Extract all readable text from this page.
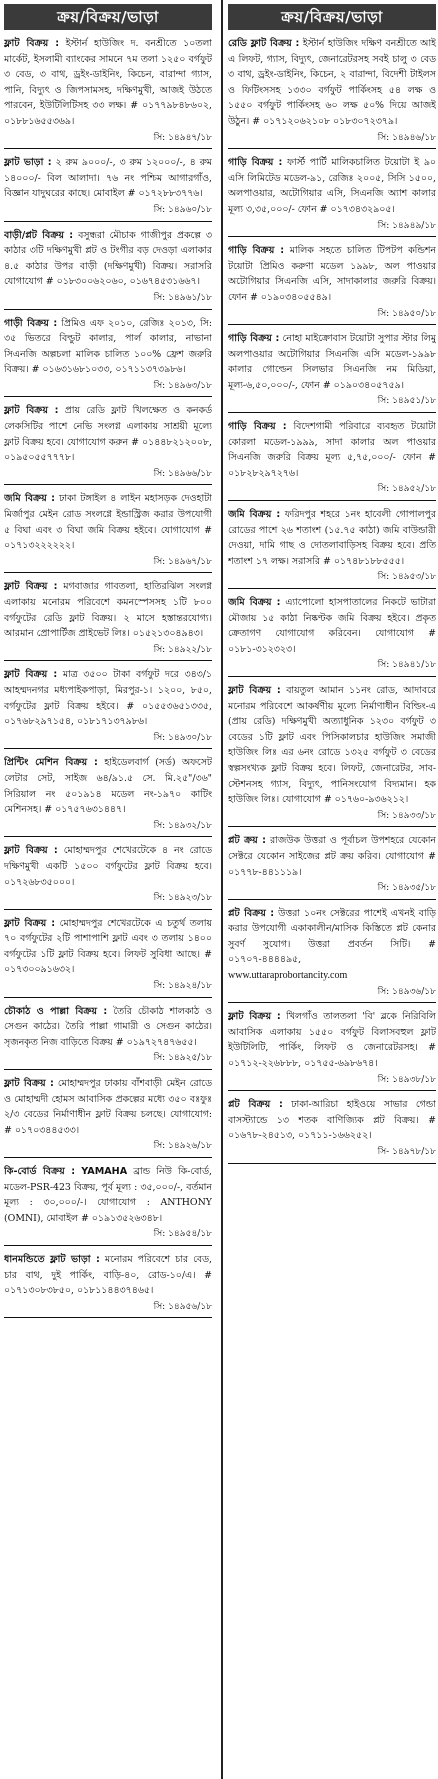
ক্রয়/বিক্রয়/ভাড়া
ফ্লাট বিক্রয় : ইস্টার্ন হাউজিং দ. বনশ্রীতে ১০তলা মার্কেট, ইসলামী ব্যাংকের সামনে ৭ম তলা ১২৫০ বর্গফুট ৩ বেড, ৩ বাথ, ড্রইং-ডাইনিং, কিচেন, বারান্দা গ্যাস, পানি, বিদ্যুৎ ও জিপসামসহ, দক্ষিণমুখী, আজই উঠতে পারবেন, ইউটিলিটিসহ ৩৩ লক্ষ। # ০১৭৭৯৮৪৮৬০২, ০১৮৮১৬৫৫৩৬৯।
সি: ১৪৯৪৭/১৮
ফ্লাট ভাড়া : ২ রুম ৯০০০/-, ৩ রুম ১২০০০/-, ৪ রুম ১৪০০০/- বিল আলাদা। ৭৬ নং পশ্চিম আগারগাঁও, বিজ্ঞান যাদুঘরের কাছে। মোবাইল # ০১৭২৮৮৩৭৭৬।
সি: ১৪৯৬০/১৮
বাড়ী/প্লট বিক্রয় : বসুন্ধরা মৌচাক গাজীপুর প্রকল্পে ৩ কাঠার ৩টি দক্ষিণমুখী প্লট ও টংগীর বড় দেওড়া এলাকার ৪.৫ কাঠার উপর বাড়ী (দক্ষিণমুখী) বিক্রয়। সরাসরি যোগাযোগ # ০১৮৩০০৬২০৬০, ০১৬৭৪৫৩১৬৬৭।
সি: ১৪৯৬১/১৮
গাড়ী বিক্রয় : প্রিমিও এফ ২০১০, রেজিঃ ২০১৩, সি: ৩৫ ভিতরে বিল্ডুট কালার, পার্ল কালার, নাভানা সিএনজি অল্পচলা মালিক চালিত ১০০% ফ্রেশ জরুরি বিক্রয়। # ০১৬৩১৬৮১০৩৩, ০১৭১১৩৭৩৯৮৬।
সি: ১৪৯৬৩/১৮
ফ্লাট বিক্রয় : প্রায় রেডি ফ্লাট খিলক্ষেত ও কনকর্ড লেকসিটির পাশে নেভি সংলগ্ন এলাকায় সাশ্রয়ী মূল্যে ফ্লাট বিক্রয় হবে। যোগাযোগ করুন # ০১৪৪৮২১২০০৮, ০১৯৫০৫৫৭৭৭৮।
সি: ১৪৯৬৬/১৮
জমি বিক্রয় : ঢাকা টঙ্গাইল ৪ লাইন মহাসড়ক দেওহাটা মির্জাপুর মেইন রোড সংলগ্নে ইন্ডাস্ট্রিজ করার উপযোগী ৫ বিঘা এবং ৩ বিঘা জমি বিক্রয় হইবে। যোগাযোগ # ০১৭১৩২২২২২২।
সি: ১৪৯৬৭/১৮
ফ্লাট বিক্রয় : মগবাজার গাবতলা, হাতিরঝিল সংলগ্ন এলাকায় মনোরম পরিবেশে কমনস্পেসসহ ১টি ৮০০ বর্গফুটের রেডি ফ্লাট বিক্রয়। ২ মাসে হস্তান্তরযোগ্য। আরমান প্রোপার্টিজ প্রাইভেট লিঃ। ০১৫২১৩০৪৯৪৩।
সি: ১৪৯২২/১৮
ফ্লাট বিক্রয় : মাত্র ৩৫০০ টাকা বর্গফুট দরে ৩৪৩/১ আহম্মদনগর মধ্যপাইকপাড়া, মিরপুর-১। ১২০০, ৮৫০, বর্গফুটের ফ্লাট বিক্রয় হইবে। # ০১৫৫৩৬৫১৩৩৫, ০১৭৬৮২৯৭১৫৪, ০১৮১৭১৩৭৯৮৬।
সি: ১৪৯৩০/১৮
প্রিন্টিং মেশিন বিক্রয় : হাইডেলবার্গ (সর্ড) অফসেট লেটার সেট, সাইজ ৬৪/৯১.৫ সে. মি.২৫"/৩৬" সিরিয়াল নং ৫০১৯১৪ মডেল নং-১৯৭০ কাটিং মেশিনসহ। # ০১৭৫৭৬৩১৪৪৭।
সি: ১৪৯৩২/১৮
ফ্লাট বিক্রয় : মোহাম্মদপুর শেখেরটেকে ৪ নং রোডে দক্ষিণমুখী একটি ১৫০০ বর্গফুটের ফ্লাট বিক্রয় হবে। ০১৭২৬৮৩৫০০০।
সি: ১৪৯২৩/১৮
ফ্লাট বিক্রয় : মোহাম্মদপুর শেখেরটেকে এ চতুর্থ তলায় ৭০ বর্গফুটের ২টি পাশাপাশি ফ্লাট এবং ৩ তলায় ১৪০০ বর্গফুটের ১টি ফ্লাট বিক্রয় হবে। লিফট সুবিধা আছে। # ০১৭৩০০৯১৬৩২।
সি: ১৪৯২৪/১৮
চৌকাঠ ও পাল্লা বিক্রয় : তৈরি চৌকাঠ শালকাঠ ও সেগুন কাঠের। তৈরি পাল্লা গামারী ও সেগুন কাঠের। সৃজনকৃত নিজ বাড়িতে বিক্রয় # ০১৯৭২৭৪৭৬৫৫।
সি: ১৪৯২৫/১৮
ফ্লাট বিক্রয় : মোহাম্মদপুর ঢাকায় বাঁশবাড়ী মেইন রোডে ও মোহাম্মদী হোমস আবাসিক প্রকল্পের মধ্যে ৩৫০ বঃফুঃ ২/৩ বেডের নির্মাণাধীন ফ্লাট বিক্রয় চলছে। যোগাযোগ: # ০১৭০৩৪৪৫৩৩।
সি: ১৪৯২৬/১৮
কি-বোর্ড বিক্রয় : YAMAHA ব্রান্ড নিউ কি-বোর্ড, মডেল-PSR-423 বিক্রয়, পূর্ব মূল্য : ৩৫,০০০/-, বর্তমান মূল্য : ৩০,০০০/-। যোগাযোগ : ANTHONY (OMNI), মোবাইল # ০১৯১৩৫২৬৩৪৮।
সি: ১৪৯৫৪/১৮
ধানমন্ডিতে ফ্লাট ভাড়া : মনোরম পরিবেশে চার বেড, চার বাথ, দুই পার্কিং, বাড়ি-৪০, রোড-১০/এ। # ০১৭১৩০৮৩৮৫০, ০১৮১১৪৪৩৭৪৬৫।
সি: ১৪৯৫৬/১৮
ক্রয়/বিক্রয়/ভাড়া
রেডি ফ্লাট বিক্রয় : ইস্টার্ন হাউজিং দক্ষিণ বনশ্রীতে আই এ লিফট, গ্যাস, বিদ্যুৎ, জেনারেটরসহ সবই চালু ৩ বেড ৩ বাথ, ড্রইং-ডাইনিং, কিচেন, ২ বারান্দা, বিদেশী টাইলস ও ফিটিংসসহ ১৩৩০ বর্গফুট পার্কিংসহ ৫৪ লক্ষ ও ১৫৫০ বর্গফুট পার্কিংসহ ৬০ লক্ষ ৫০% দিয়ে আজই উঠুন। # ০১৭১২০৬২১০৮ ০১৮৩০৭২৩৭৯।
সি: ১৪৯৪৬/১৮
গাড়ি বিক্রয় : ফার্স্ট পার্টি মালিকচালিত টয়োটা ই ৯০ এসি লিমিটেড মডেল-৯১, রেজিঃ ২০০৫, সিসি ১৫০০, অলপাওয়ার, অটোগিয়ার এসি, সিএনজি অ্যাশ কালার মূল্য ৩,৩৫,০০০/- ফোন # ০১৭৩৪৩২৯০৫।
সি: ১৪৯৪৯/১৮
গাড়ি বিক্রয় : মালিক সহতে চালিত টিপটপ কন্ডিশন টয়োটা প্রিমিও করুণা মডেল ১৯৯৮, অল পাওয়ার অটোগিয়ার সিএনজি এসি, সাদাকালার জরুরি বিক্রয়। ফোন # ০১৯০৩৪০৫৫৪৯।
সি: ১৪৯৫০/১৮
গাড়ি বিক্রয় : নোহা মাইক্রোবাস টয়োটা সুপার স্টার লিমু অলপাওয়ার অটোগিয়ার সিএনজি এসি মডেল-১৯৯৮ কালার গোল্ডেন সিলভার সিএনজি নম মিডিয়া, মূল্য-৬,৫০,০০০/-, ফোন # ০১৯০৩৪০৫৭৫৯।
সি: ১৪৯৫১/১৮
গাড়ি বিক্রয় : বিদেশগামী পরিবারে ব্যবহৃত টয়োটা কোরলা মডেল-১৯৯৯, সাদা কালার অল পাওয়ার সিএনজি জরুরি বিক্রয় মূল্য ৫,৭৫,০০০/- ফোন # ০১৮২৮২৯৭২৭৬।
সি: ১৪৯৫২/১৮
জমি বিক্রয় : ফরিদপুর শহরে ১নং হাবেলী গোপালপুর রোডের পাশে ২৬ শতাংশ (১৫.৭৫ কাঠা) জমি বাউন্ডারী দেওয়া, দামি গাছ ও দোতলাবাড়িসহ বিক্রয় হবে। প্রতি শতাংশ ১৭ লক্ষ। সরাসরি # ০১৭৪৮১৮৮৫৫৫।
সি: ১৪৯৫৩/১৮
জমি বিক্রয় : এ্যাপোলো হাসপাতালের নিকটে ভাটারা মৌজায় ১৫ কাঠা নিষ্কণ্টক জমি বিক্রয় হইবে। প্রকৃত ক্রেতাগণ যোগাযোগ করিবেন। যোগাযোগ # ০১৮১-৩১২৩২৩।
সি: ১৪৯৪১/১৮
ফ্লাট বিক্রয় : বায়তুল আমান ১১নং রোড, আদাবরে মনোরম পরিবেশে আকর্ষণীয় মূল্যে নির্মাণাধীন বিল্ডিং-এ (প্রায় রেডি) দক্ষিণমুখী অত্যাধুনিক ১২৩০ বর্গফুট ৩ বেডের ১টি ফ্লাট এবং পিসিকালচার হাউজিং সমাজী হাউজিং লিঃ এর ৬নং রোডে ১৩২৫ বর্গফুট ৩ বেডের স্বল্পসংখ্যক ফ্লাট বিক্রয় হবে। লিফট, জেনারেটর, সাব-স্টেশনসহ গ্যাস, বিদ্যুৎ, পানিসংযোগ বিদ্যমান। হক হাউজিং লিঃ। যোগাযোগ # ০১৭৬০-৯৩৬২১২।
সি: ১৪৯৩৩/১৮
প্লট ক্রয় : রাজউক উত্তরা ও পূর্বাচল উপশহরে যেকোন সেক্টরে যেকোন সাইজের প্লট ক্রয় করিব। যোগাযোগ # ০১৭৭৮-৪৪১১১৯।
সি: ১৪৯৩৫/১৮
প্লট বিক্রয় : উত্তরা ১০নং সেক্টরের পাশেই এখনই বাড়ি করার উপযোগী একাকালীন/মাসিক কিস্তিতে প্লট কেনার সুবর্ণ সুযোগ। উত্তরা প্রবর্তন সিটি। # ০১৭০৭-৪৪৪৪৯৫,
www.uttaraprobortancity.com
সি: ১৪৯৩৬/১৮
ফ্লাট বিক্রয় : খিলগাঁও তালতলা 'বি' ব্লকে নিরিবিলি আবাসিক এলাকায় ১৫৫০ বর্গফুট বিলাসবহুল ফ্লাট ইউটিলিটি, পার্কিং, লিফট ও জেনারেটরসহ। # ০১৭১২-২২৬৮৮৮, ০১৭৫৫-৬৯৮৬৭৪।
সি: ১৪৯৩৮/১৮
প্লট বিক্রয় : ঢাকা-আরিচা হাইওয়ে সাভার গেন্ডা বাসস্ট্যান্ডে ১৩ শতক বাণিজ্যিক প্লট বিক্রয়। # ০১৬৭৮-২৪৫১৩, ০১৭১১-১৬৬২৫২।
সি- ১৪৯৭৮/১৮
